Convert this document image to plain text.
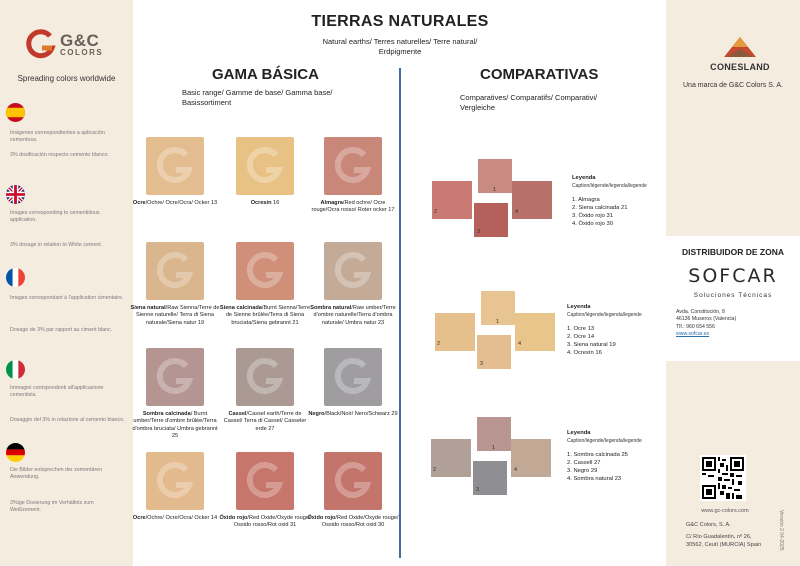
G&C
COLORS
Spreading colors worldwide
Imágenes correspondientes a aplicación cementosa.
3% dosificación respecto cemento blanco.
Images corresponding to cementitious application.
3% dosage in relation to White cement.
Images correspondant à l'application cimentaire.
Dosage de 3% par rapport au ciment blanc.
Immagini corrispondenti all'applicazione cementizia.
Dosaggio del 3% in relazione al cemento bianco.
Die Bilder entsprechen der zementären Anwendung.
3%ige Dosierung im Verhältnis zum Weißzement.
TIERRAS NATURALES
Natural earths/ Terres naturelles/ Terre natural/ Erdpigmente
GAMA BÁSICA
Basic range/ Gamme de base/ Gamma base/ Basissortiment
COMPARATIVAS
Comparatives/ Comparatifs/ Comparativi/ Vergleiche
Ocre/Ochre/ Ocre/Ocra/ Ocker 13	Ocresín 16	Almagra/Red ochre/ Ocre rouge/Ocra rosso/ Roter ocker 17
Siena natural/Raw Sienna/Terre de Sienne naturelle/ Terra di Siena naturale/Siena natur 19
Siena calcinada/Burnt Sienna/Terre de Sienne brûlée/Terra di Siena bruciata/Siena gebrannt 21
Sombra natural/Raw umber/Terre d'ombre naturelle/Terra d'ombra naturale/ Umbra natur 23
Sombra calcinada/ Burnt umber/Terre d'ombre brûlée/Terra d'ombra bruciata/ Umbra gebrannt 25
Cassel/Cassel earth/Terre de Cassel/ Terra di Cassel/ Casseler erde 27
Negro/Black/Noir/ Nero/Schwarz 29
Ocre/Ochre/ Ocre/Ocra/ Ocker 14 Óxido rojo/Red Oxide/Oxyde rouge/ Ossido rosso/Rot oxid 31
Óxido rojo/Red Oxide/Oxyde rouge/ Ossido rosso/Rot oxid 30
2	4
1
3
Leyenda
Caption/légende/legenda/legende
1. Almagra
2. Siena calcinada 21
3. Óxido rojo 31
4. Óxido rojo 30
2	4
1
3
Leyenda
Caption/légende/legenda/legende
1. Ocre 13
2. Ocre 14
3. Siena natural 19
4. Ocresín 16
2	4
1
3
Leyenda
Caption/légende/legenda/legende
1. Sombra calcinada 25
2. Cassell 27
3. Negro 29
4. Sombra natural 23
CONESLAND
Una marca de G&C Colors S. A.
DISTRIBUIDOR DE ZONA
SOFCAR
Soluciones Técnicas
Avda. Constitución, 8
46136 Museros (Valencia)
Tlf.: 960 654 556
www.sofcar.es
www.gc-colors.com
G&C Colors, S. A.
C/ Río Guadalentín, nº 26,
30562, Ceutí (MURCIA) Spain	Versión 2 04-2025
